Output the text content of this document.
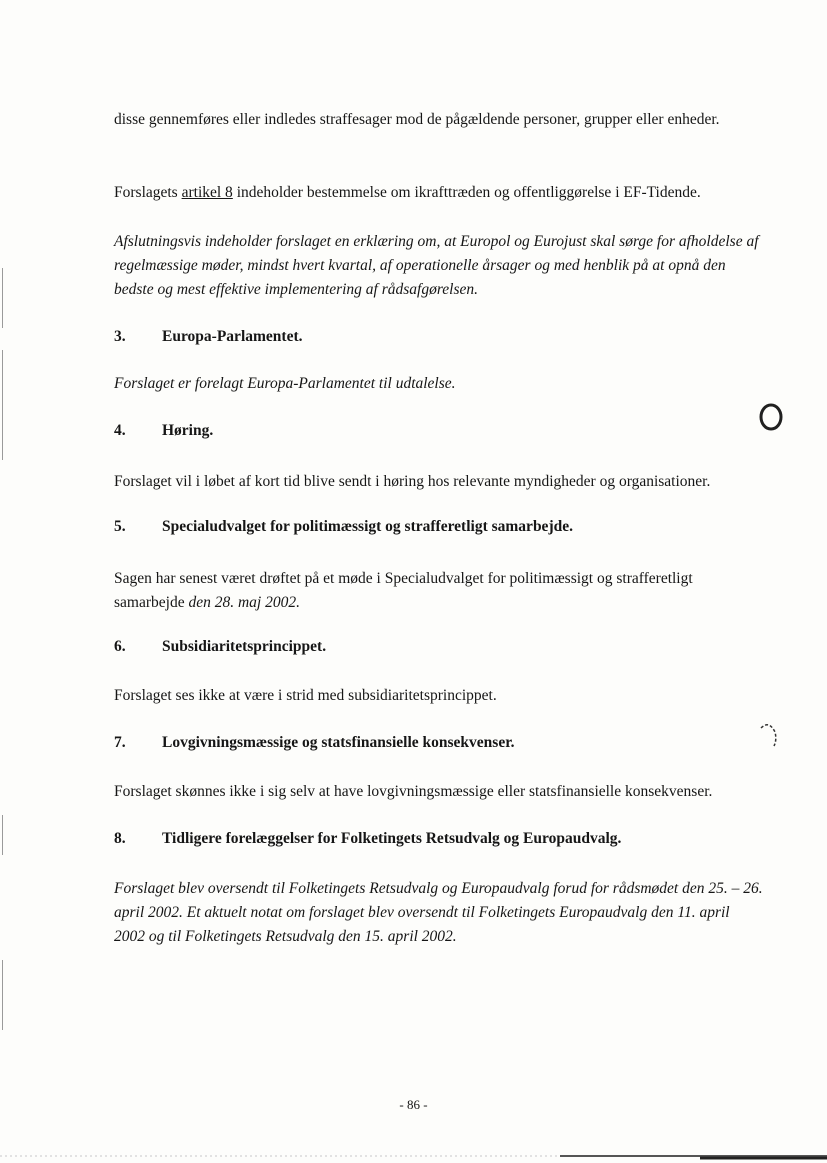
disse gennemføres eller indledes straffesager mod de pågældende personer, grupper eller enheder.

Forslagets artikel 8 indeholder bestemmelse om ikrafttræden og offentliggørelse i EF-Tidende.

Afslutningsvis indeholder forslaget en erklæring om, at Europol og Eurojust skal sørge for afholdelse af regelmæssige møder, mindst hvert kvartal, af operationelle årsager og med henblik på at opnå den bedste og mest effektive implementering af rådsafgørelsen.

3. Europa-Parlamentet.

Forslaget er forelagt Europa-Parlamentet til udtalelse.

4. Høring.

Forslaget vil i løbet af kort tid blive sendt i høring hos relevante myndigheder og organisationer.

5. Specialudvalget for politimæssigt og strafferetligt samarbejde.

Sagen har senest været drøftet på et møde i Specialudvalget for politimæssigt og strafferetligt samarbejde den 28. maj 2002.

6. Subsidiaritetsprincippet.

Forslaget ses ikke at være i strid med subsidiaritetsprincippet.

7. Lovgivningsmæssige og statsfinansielle konsekvenser.

Forslaget skønnes ikke i sig selv at have lovgivningsmæssige eller statsfinansielle konsekvenser.

8. Tidligere forelæggelser for Folketingets Retsudvalg og Europaudvalg.

Forslaget blev oversendt til Folketingets Retsudvalg og Europaudvalg forud for rådsmødet den 25. – 26. april 2002. Et aktuelt notat om forslaget blev oversendt til Folketingets Europaudvalg den 11. april 2002 og til Folketingets Retsudvalg den 15. april 2002.

- 86 -
